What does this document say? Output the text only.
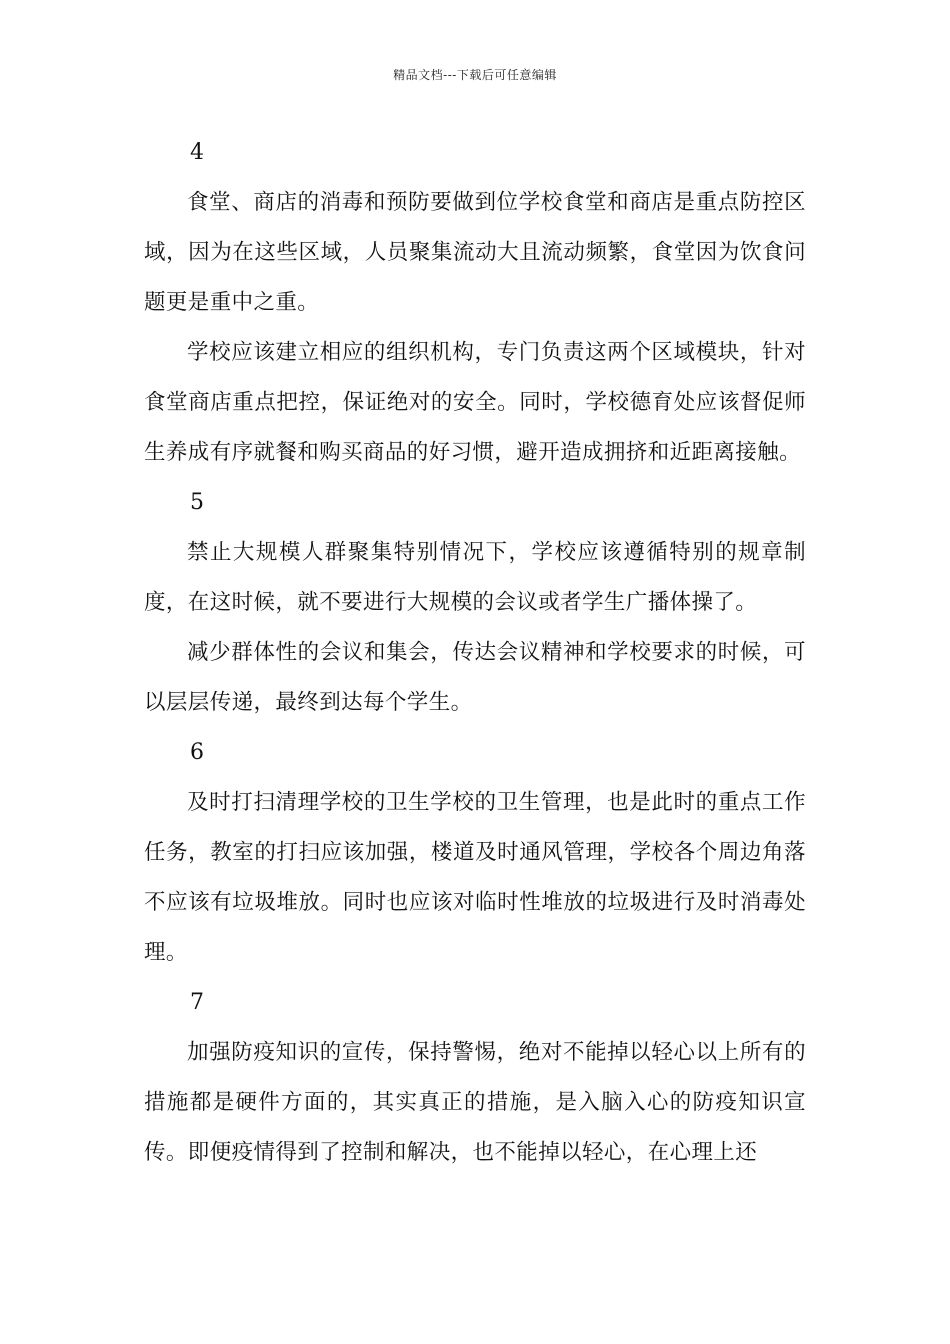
精品文档---下载后可任意编辑

4

食堂、商店的消毒和预防要做到位学校食堂和商店是重点防控区域，因为在这些区域，人员聚集流动大且流动频繁，食堂因为饮食问题更是重中之重。

学校应该建立相应的组织机构，专门负责这两个区域模块，针对食堂商店重点把控，保证绝对的安全。同时，学校德育处应该督促师生养成有序就餐和购买商品的好习惯，避开造成拥挤和近距离接触。

5

禁止大规模人群聚集特别情况下，学校应该遵循特别的规章制度，在这时候，就不要进行大规模的会议或者学生广播体操了。

减少群体性的会议和集会，传达会议精神和学校要求的时候，可以层层传递，最终到达每个学生。

6

及时打扫清理学校的卫生学校的卫生管理，也是此时的重点工作任务，教室的打扫应该加强，楼道及时通风管理，学校各个周边角落不应该有垃圾堆放。同时也应该对临时性堆放的垃圾进行及时消毒处理。

7

加强防疫知识的宣传，保持警惕，绝对不能掉以轻心以上所有的措施都是硬件方面的，其实真正的措施，是入脑入心的防疫知识宣传。即便疫情得到了控制和解决，也不能掉以轻心，在心理上还
